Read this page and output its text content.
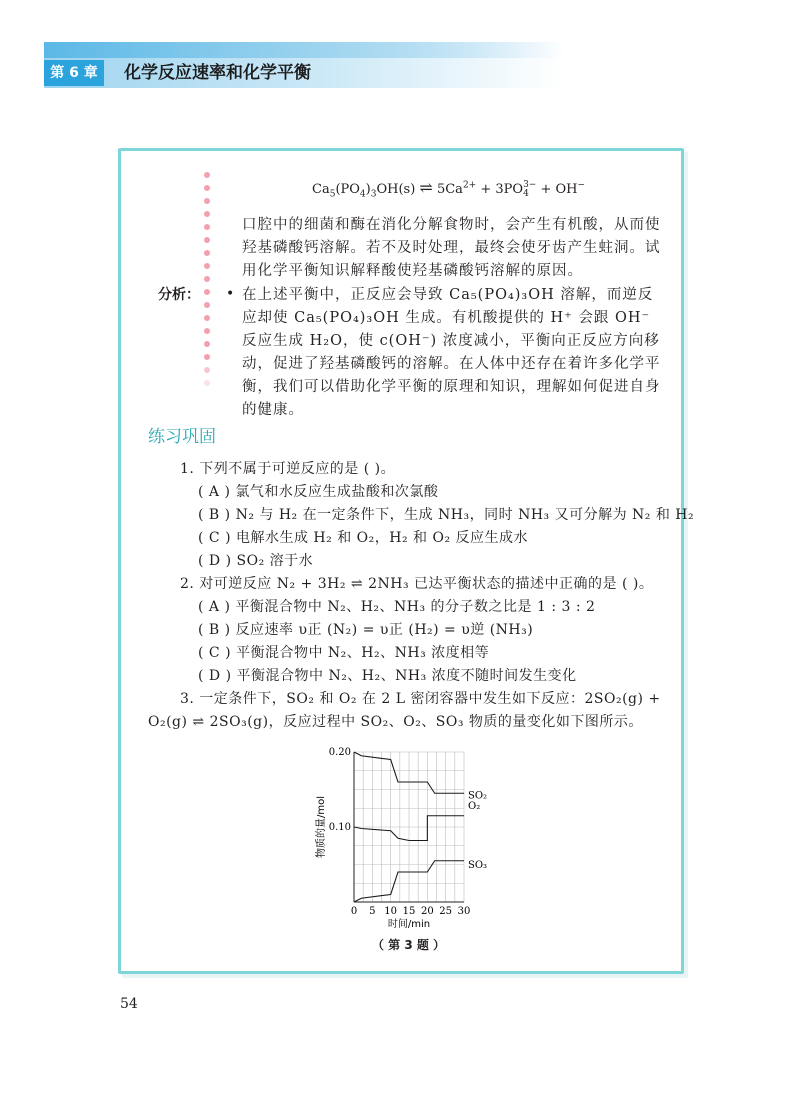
第 6 章	化学反应速率和化学平衡
$Ca_5(PO_4)_3OH(s)$ ⇌ $5Ca^{2+} + 3PO$ 3−
4 + OH−
口腔中的细菌和酶在消化分解食物时，会产生有机酸，从而使羟基磷酸钙溶解。若不及时处理，最终会使牙齿产生蛀洞。试用化学平衡知识解释酸使羟基磷酸钙溶解的原因。
分析： • 在上述平衡中，正反应会导致 Ca₅(PO₄)₃OH 溶解，而逆反应却使 Ca₅(PO₄)₃OH 生成。有机酸提供的 H⁺ 会跟 OH⁻反应生成 H₂O，使 c(OH⁻) 浓度减小，平衡向正反应方向移动，促进了羟基磷酸钙的溶解。在人体中还存在着许多化学平衡，我们可以借助化学平衡的原理和知识，理解如何促进自身的健康。
练习巩固
1. 下列不属于可逆反应的是 ( )。
( A ) 氯气和水反应生成盐酸和次氯酸
( B ) N₂ 与 H₂ 在一定条件下，生成 NH₃，同时 NH₃ 又可分解为 N₂ 和 H₂
( C ) 电解水生成 H₂ 和 O₂，H₂ 和 O₂ 反应生成水
( D ) SO₂ 溶于水
2. 对可逆反应 N₂ + 3H₂ ⇌ 2NH₃ 已达平衡状态的描述中正确的是 ( )。
( A ) 平衡混合物中 N₂、H₂、NH₃ 的分子数之比是 1 : 3 : 2
( B ) 反应速率 υ正 (N₂) = υ正 (H₂) = υ逆 (NH₃)
( C ) 平衡混合物中 N₂、H₂、NH₃ 浓度相等
( D ) 平衡混合物中 N₂、H₂、NH₃ 浓度不随时间发生变化
3. 一定条件下，SO₂ 和 O₂ 在 2 L 密闭容器中发生如下反应：2SO₂(g) +
O₂(g) ⇌ 2SO₃(g)，反应过程中 SO₂、O₂、SO₃ 物质的量变化如下图所示。
0 5 10 15 20 25 30
0.10
0.20
时间/min
物质的量/mol
SO₂
O₂
SO₃
（ 第 3 题 ）
54
